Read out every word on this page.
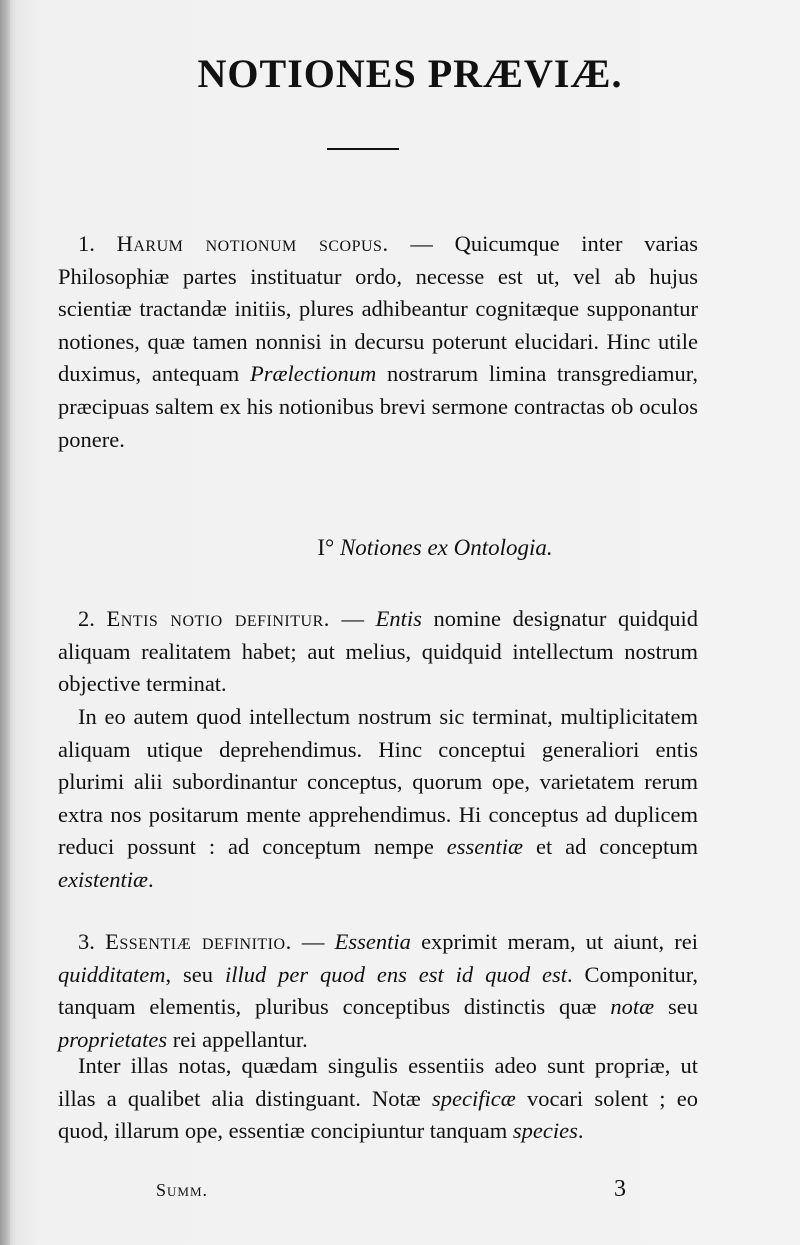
NOTIONES PRÆVIÆ.

1. Harum notionum scopus. — Quicumque inter varias Philosophiæ partes instituatur ordo, necesse est ut, vel ab hujus scientiæ tractandæ initiis, plures adhibeantur cognitæque supponantur notiones, quæ tamen nonnisi in decursu poterunt elucidari. Hinc utile duximus, antequam Prælectionum nostrarum limina transgrediamur, præcipuas saltem ex his notionibus brevi sermone contractas ob oculos ponere.

I° Notiones ex Ontologia.

2. Entis notio definitur. — Entis nomine designatur quidquid aliquam realitatem habet; aut melius, quidquid intellectum nostrum objective terminat.

In eo autem quod intellectum nostrum sic terminat, multiplicitatem aliquam utique deprehendimus. Hinc conceptui generaliori entis plurimi alii subordinantur conceptus, quorum ope, varietatem rerum extra nos positarum mente apprehendimus. Hi conceptus ad duplicem reduci possunt : ad conceptum nempe essentiæ et ad conceptum existentiæ.

3. Essentiæ definitio. — Essentia exprimit meram, ut aiunt, rei quidditatem, seu illud per quod ens est id quod est. Componitur, tanquam elementis, pluribus conceptibus distinctis quæ notæ seu proprietates rei appellantur.

Inter illas notas, quædam singulis essentiis adeo sunt propriæ, ut illas a qualibet alia distinguant. Notæ specificæ vocari solent ; eo quod, illarum ope, essentiæ concipiuntur tanquam species.

Summ.	3
